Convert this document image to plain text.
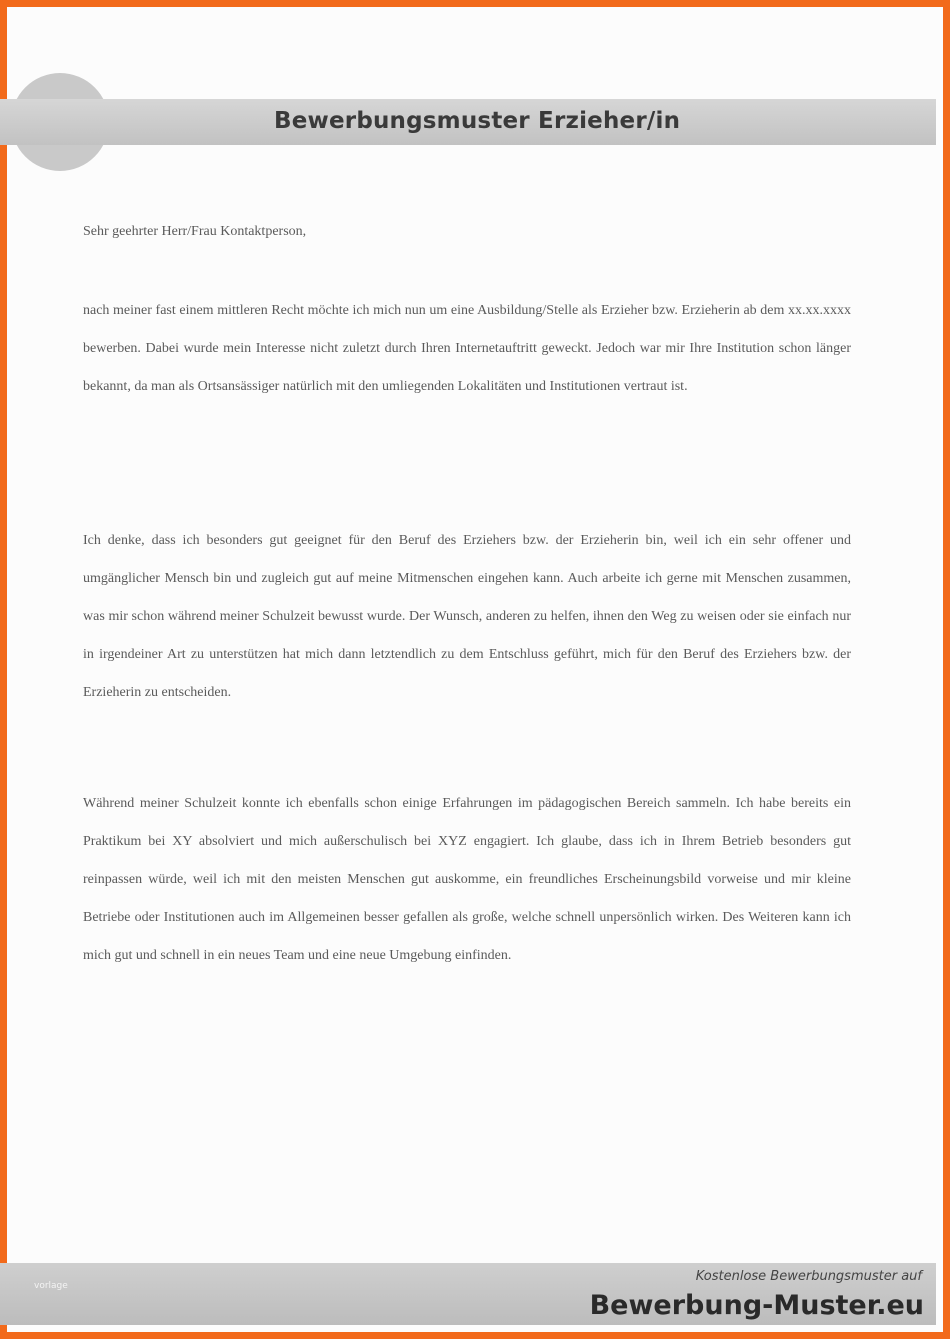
Bewerbungsmuster Erzieher/in
Sehr geehrter Herr/Frau Kontaktperson,

nach meiner fast einem mittleren Recht möchte ich mich nun um eine Ausbildung/Stelle als Erzieher bzw. Erzieherin ab dem xx.xx.xxxx bewerben. Dabei wurde mein Interesse nicht zuletzt durch Ihren Internetauftritt geweckt. Jedoch war mir Ihre Institution schon länger bekannt, da man als Ortsansässiger natürlich mit den umliegenden Lokalitäten und Institutionen vertraut ist.

Ich denke, dass ich besonders gut geeignet für den Beruf des Erziehers bzw. der Erzieherin bin, weil ich ein sehr offener und umgänglicher Mensch bin und zugleich gut auf meine Mitmenschen eingehen kann. Auch arbeite ich gerne mit Menschen zusammen, was mir schon während meiner Schulzeit bewusst wurde. Der Wunsch, anderen zu helfen, ihnen den Weg zu weisen oder sie einfach nur in irgendeiner Art zu unterstützen hat mich dann letztendlich zu dem Entschluss geführt, mich für den Beruf des Erziehers bzw. der Erzieherin zu entscheiden.

Während meiner Schulzeit konnte ich ebenfalls schon einige Erfahrungen im pädagogischen Bereich sammeln. Ich habe bereits ein Praktikum bei XY absolviert und mich außerschulisch bei XYZ engagiert. Ich glaube, dass ich in Ihrem Betrieb besonders gut reinpassen würde, weil ich mit den meisten Menschen gut auskomme, ein freundliches Erscheinungsbild vorweise und mir kleine Betriebe oder Institutionen auch im Allgemeinen besser gefallen als große, welche schnell unpersönlich wirken. Des Weiteren kann ich mich gut und schnell in ein neues Team und eine neue Umgebung einfinden.

vorlage
Kostenlose Bewerbungsmuster auf
Bewerbung-Muster.eu
